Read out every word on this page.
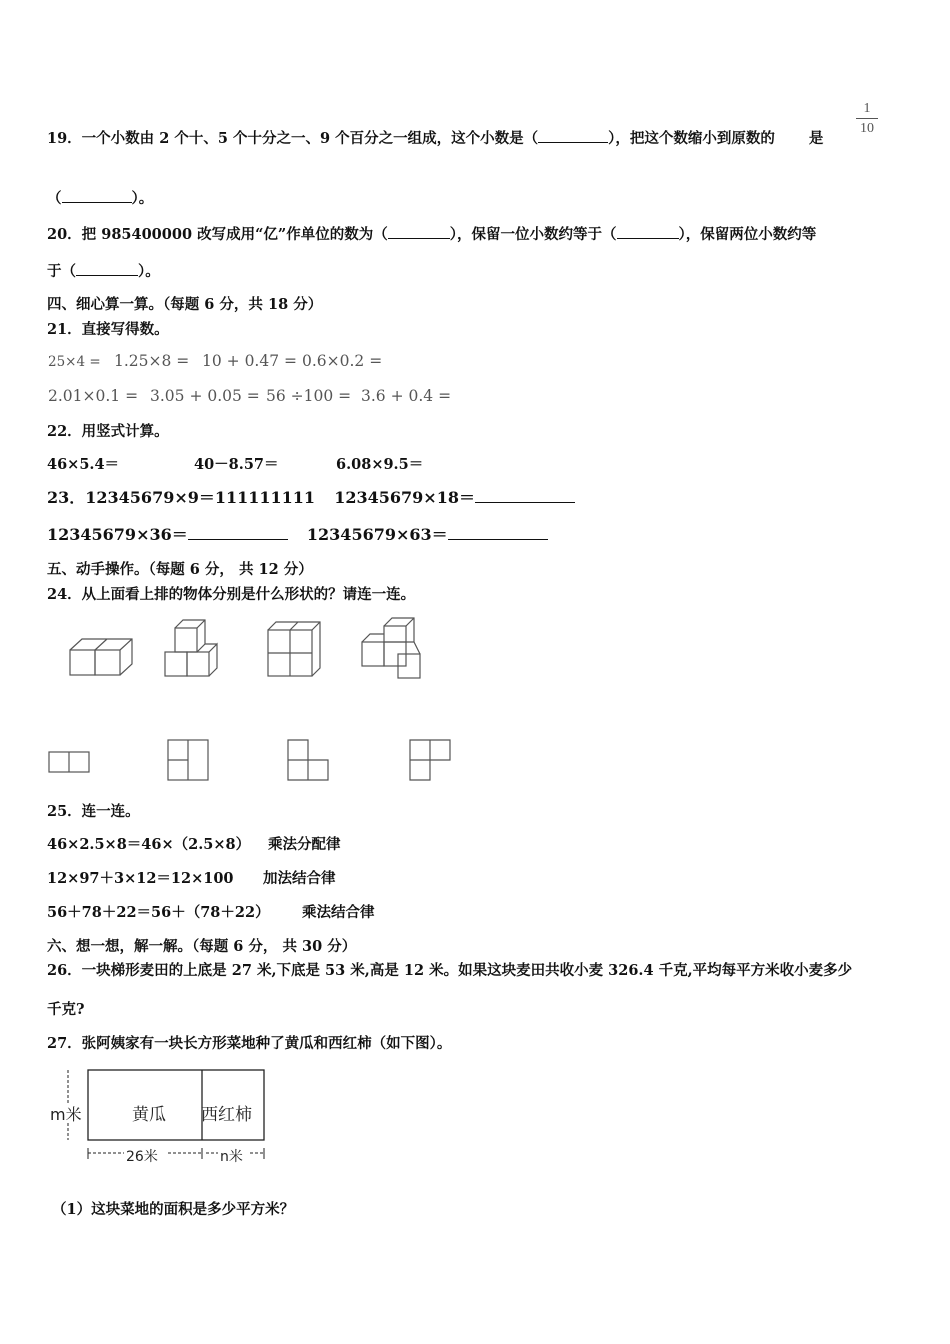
19．一个小数由 2 个十、5 个十分之一、9 个百分之一组成，这个小数是（	），把这个数缩小到原数的 是
1
10
（	）。
20．把 985400000 改写成用“亿”作单位的数为（	），保留一位小数约等于（	），保留两位小数约等
于（	）。
四、细心算一算。（每题 6 分，共 18 分）
21．直接写得数。
25×4 = 1.25×8 = 10 + 0.47 = 0.6×0.2 =
2.01×0.1 = 3.05 + 0.05 = 56 ÷100 = 3.6 + 0.4 =
22．用竖式计算。
46×5.4＝	40－8.57＝	6.08×9.5＝
23．12345679×9＝111111111 12345679×18＝
12345679×36＝	12345679×63＝
五、动手操作。（每题 6 分， 共 12 分）
24．从上面看上排的物体分别是什么形状的？请连一连。
25．连一连。
46×2.5×8＝46×（2.5×8） 乘法分配律
12×97＋3×12＝12×100 加法结合律
56＋78＋22＝56＋（78＋22） 乘法结合律
六、想一想，解一解。（每题 6 分， 共 30 分）
26．一块梯形麦田的上底是 27 米,下底是 53 米,高是 12 米。如果这块麦田共收小麦 326.4 千克,平均每平方米收小麦多少
千克?
27．张阿姨家有一块长方形菜地种了黄瓜和西红柿（如下图）。
m米	黄瓜 西红柿
26米	n米
（1）这块菜地的面积是多少平方米？
